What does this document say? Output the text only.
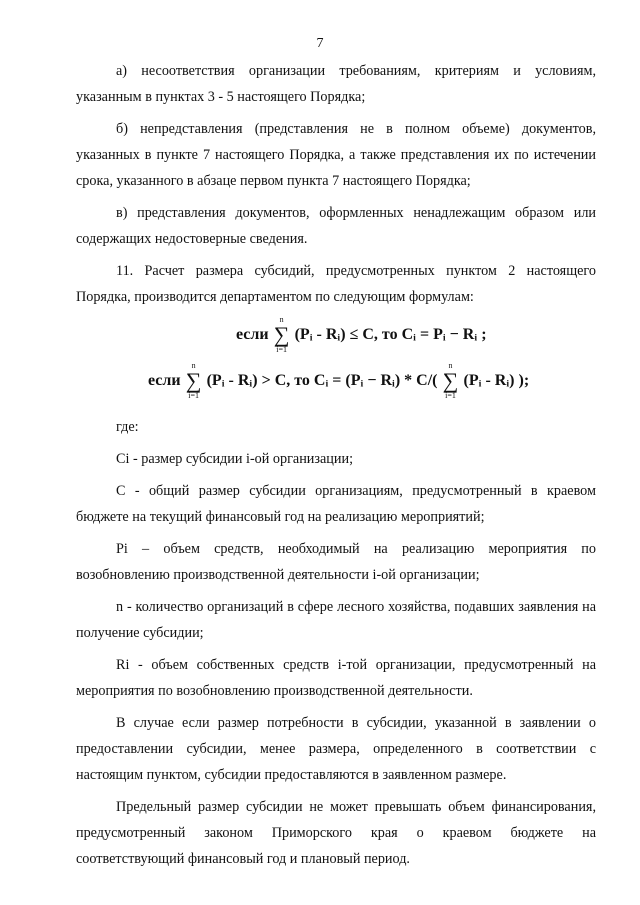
7

а) несоответствия организации требованиям, критериям и условиям, указанным в пунктах 3 - 5 настоящего Порядка;

б) непредставления (представления не в полном объеме) документов, указанных в пункте 7 настоящего Порядка, а также представления их по истечении срока, указанного в абзаце первом пункта 7 настоящего Порядка;

в) представления документов, оформленных ненадлежащим образом или содержащих недостоверные сведения.

11. Расчет размера субсидий, предусмотренных пунктом 2 настоящего Порядка, производится департаментом по следующим формулам:

если
n
∑
i=1
(Pᵢ - Rᵢ) ≤ C, то Cᵢ = Pᵢ − Rᵢ ;
если
n
∑
i=1
(Pᵢ - Rᵢ) > C, то Cᵢ = (Pᵢ − Rᵢ) * C/(
n
∑
i=1
(Pᵢ - Rᵢ) );

где:

Ci - размер субсидии i-ой организации;

С - общий размер субсидии организациям, предусмотренный в краевом бюджете на текущий финансовый год на реализацию мероприятий;

Pi – объем средств, необходимый на реализацию мероприятия по возобновлению производственной деятельности i-ой организации;

n - количество организаций в сфере лесного хозяйства, подавших заявления на получение субсидии;

Ri - объем собственных средств i-той организации, предусмотренный на мероприятия по возобновлению производственной деятельности.

В случае если размер потребности в субсидии, указанной в заявлении о предоставлении субсидии, менее размера, определенного в соответствии с настоящим пунктом, субсидии предоставляются в заявленном размере.

Предельный размер субсидии не может превышать объем финансирования, предусмотренный законом Приморского края о краевом бюджете на соответствующий финансовый год и плановый период.
